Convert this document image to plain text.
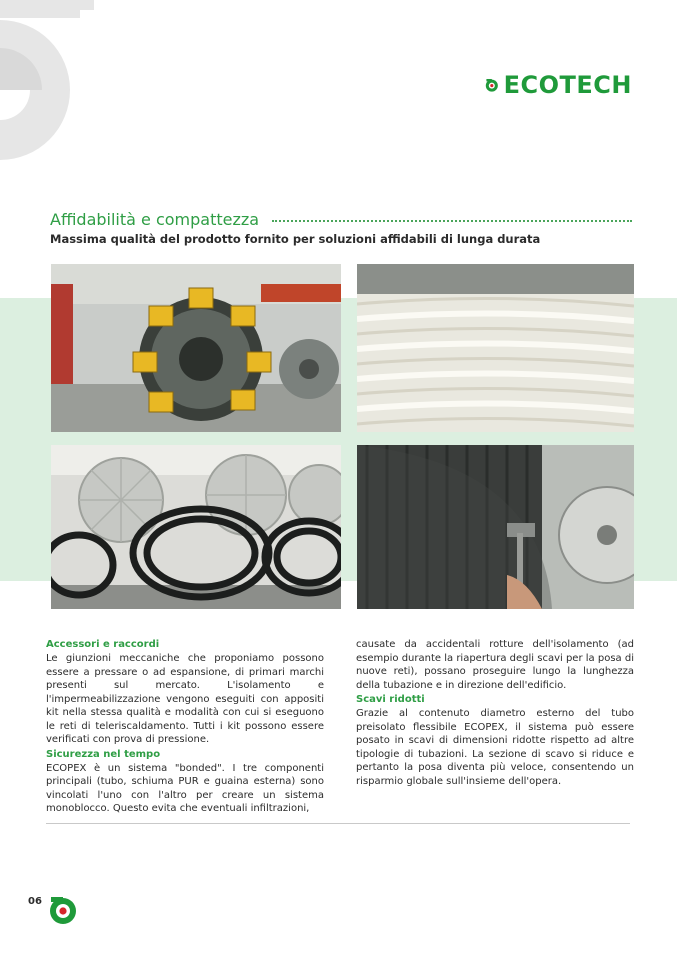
ECOTECH
Affidabilità e compattezza
Massima qualità del prodotto fornito per soluzioni affidabili di lunga durata
Accessori e raccordi

Le giunzioni meccaniche che proponiamo possono essere a pressare o ad espansione, di primari marchi presenti sul mercato. L'isolamento e l'impermeabilizzazione vengono eseguiti con appositi kit nella stessa qualità e modalità con cui si eseguono le reti di teleriscaldamento. Tutti i kit possono essere verificati con prova di pressione.

Sicurezza nel tempo

ECOPEX è un sistema "bonded". I tre componenti principali (tubo, schiuma PUR e guaina esterna) sono vincolati l'uno con l'altro per creare un sistema monoblocco. Questo evita che eventuali infiltrazioni,

causate da accidentali rotture dell'isolamento (ad esempio durante la riapertura degli scavi per la posa di nuove reti), possano proseguire lungo la lunghezza della tubazione e in direzione dell'edificio.

Scavi ridotti

Grazie al contenuto diametro esterno del tubo preisolato flessibile ECOPEX, il sistema può essere posato in scavi di dimensioni ridotte rispetto ad altre tipologie di tubazioni. La sezione di scavo si riduce e pertanto la posa diventa più veloce, consentendo un risparmio globale sull'insieme dell'opera.

06
